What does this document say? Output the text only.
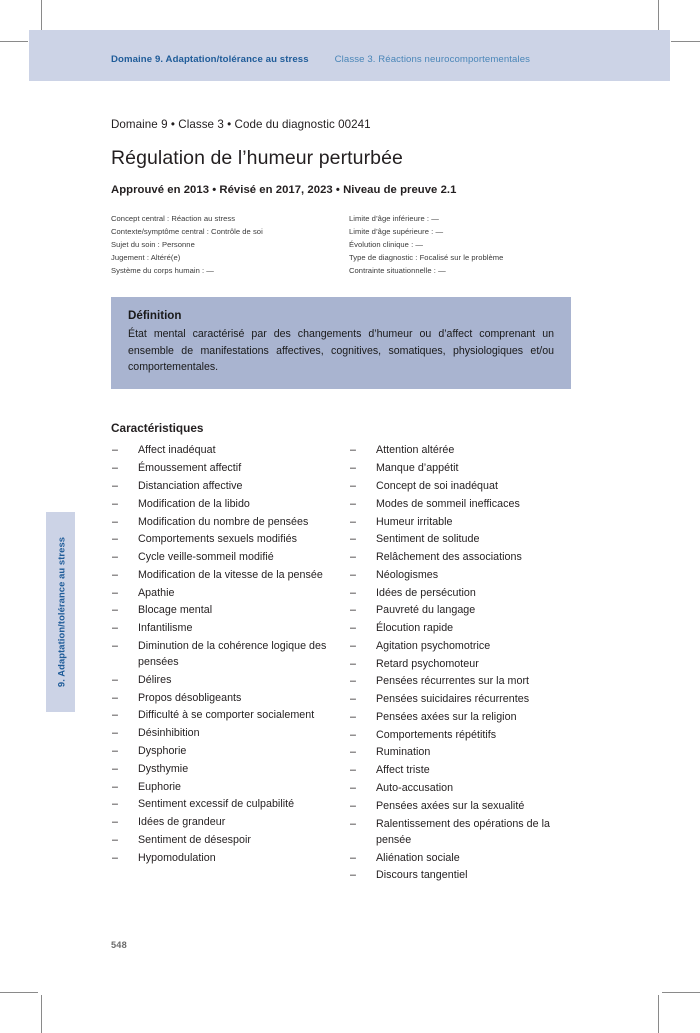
Domaine 9. Adaptation/tolérance au stress	Classe 3. Réactions neurocomportementales
9. Adaptation/tolérance au stress

Domaine 9 • Classe 3 • Code du diagnostic 00241

Régulation de l’humeur perturbée

Approuvé en 2013 • Révisé en 2017, 2023 • Niveau de preuve 2.1

Concept central : Réaction au stress
Contexte/symptôme central : Contrôle de soi
Sujet du soin : Personne
Jugement : Altéré(e)
Système du corps humain : —
Limite d’âge inférieure : —
Limite d’âge supérieure : —
Évolution clinique : —
Type de diagnostic : Focalisé sur le problème
Contrainte situationnelle : —
Définition

État mental caractérisé par des changements d’humeur ou d’affect comprenant un ensemble de manifestations affectives, cognitives, somatiques, physiologiques et/ou comportementales.

Caractéristiques
– Affect inadéquat
– Émoussement affectif
– Distanciation affective
– Modification de la libido
– Modification du nombre de pensées
– Comportements sexuels modifiés
– Cycle veille-sommeil modifié
– Modification de la vitesse de la pensée
– Apathie
– Blocage mental
– Infantilisme
– Diminution de la cohérence logique des pensées
– Délires
– Propos désobligeants
– Difficulté à se comporter socialement
– Désinhibition
– Dysphorie
– Dysthymie
– Euphorie
– Sentiment excessif de culpabilité
– Idées de grandeur
– Sentiment de désespoir
– Hypomodulation
– Attention altérée
– Manque d’appétit
– Concept de soi inadéquat
– Modes de sommeil inefficaces
– Humeur irritable
– Sentiment de solitude
– Relâchement des associations
– Néologismes
– Idées de persécution
– Pauvreté du langage
– Élocution rapide
– Agitation psychomotrice
– Retard psychomoteur
– Pensées récurrentes sur la mort
– Pensées suicidaires récurrentes
– Pensées axées sur la religion
– Comportements répétitifs
– Rumination
– Affect triste
– Auto-accusation
– Pensées axées sur la sexualité
– Ralentissement des opérations de la pensée
– Aliénation sociale
– Discours tangentiel
548
